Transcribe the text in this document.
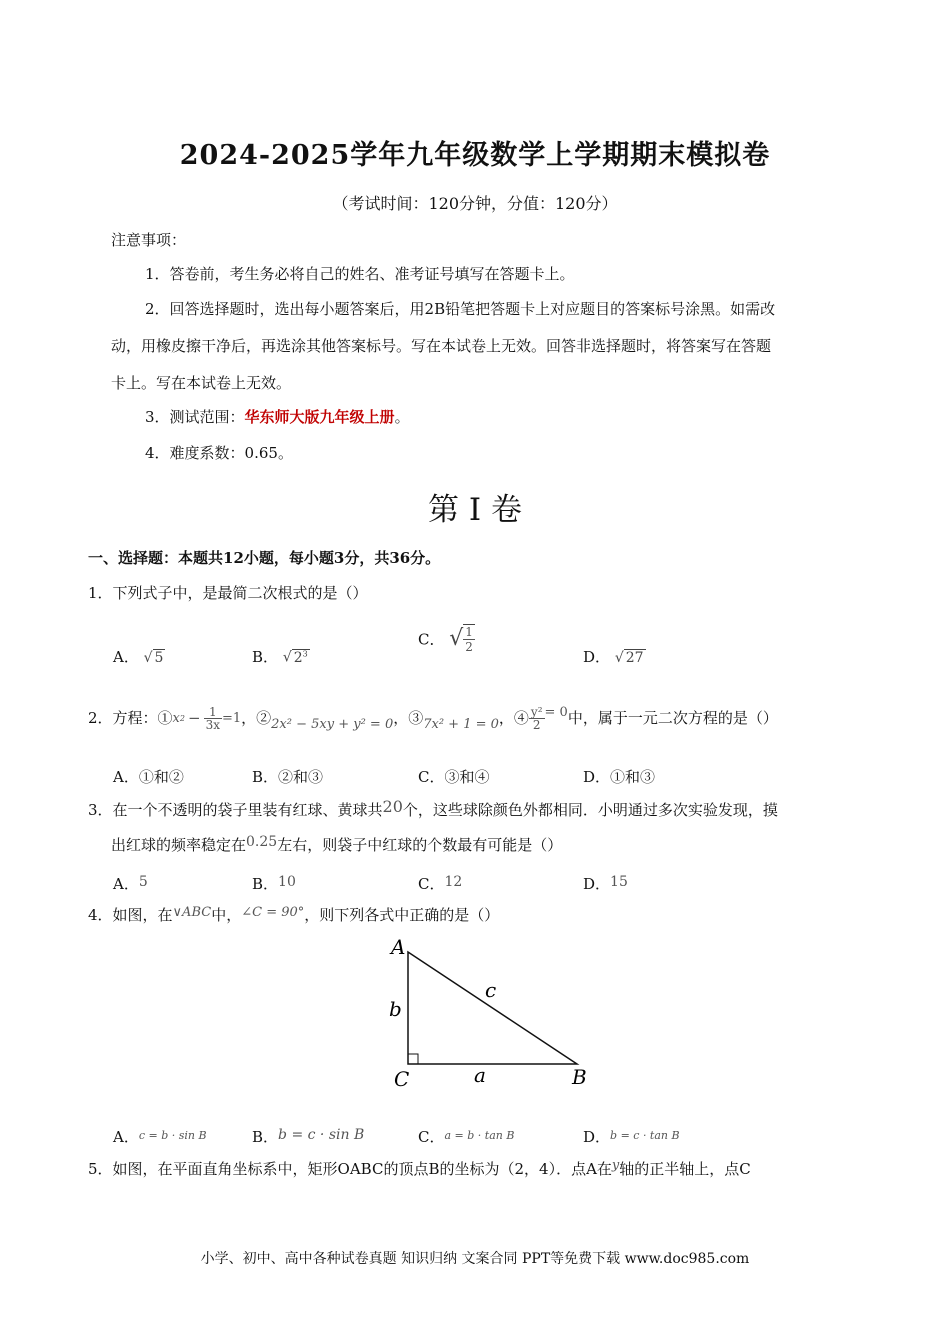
2024-2025学年九年级数学上学期期末模拟卷
（考试时间：120分钟，分值：120分）
注意事项：
1．答卷前，考生务必将自己的姓名、准考证号填写在答题卡上。
2．回答选择题时，选出每小题答案后，用2B铅笔把答题卡上对应题目的答案标号涂黑。如需改
动，用橡皮擦干净后，再选涂其他答案标号。写在本试卷上无效。回答非选择题时，将答案写在答题
卡上。写在本试卷上无效。
3．测试范围：华东师大版九年级上册。
4．难度系数：0.65。
第 I 卷
一、选择题：本题共12小题，每小题3分，共36分。
1．下列式子中，是最简二次根式的是（）
A． √ 5	B． √ $2^3$
C． √ $\frac{1}{2}$
D． √ 27
2．方程：① x $2 - \frac{1}{3x} =1$ ，② 2x² − 5xy + y² = 0 ，③ 7x² + 1 = 0 ，④ $\frac{\text{y²}}{2} = 0$ 中，属于一元二次方程的是（）
A．①和②	B．②和③	C．③和④	D．①和③
3．在一个不透明的袋子里装有红球、黄球共20个，这些球除颜色外都相同．小明通过多次实验发现，摸
出红球的频率稳定在0.25左右，则袋子中红球的个数最有可能是（）
A．5	B．10	C．12	D．15
4．如图，在∨ABC中，∠C = 90°，则下列各式中正确的是（）
A
B
C	a
b
c
A．$^{c = b \cdot sin B}$	B．b = c · sin B	C．$^{a = b \cdot tan B}$	D．$^{b = c \cdot tan B}$
5．如图，在平面直角坐标系中，矩形OABC的顶点B的坐标为（2，4）．点A在y轴的正半轴上，点C
小学、初中、高中各种试卷真题 知识归纳 文案合同 PPT等免费下载 www.doc985.com
